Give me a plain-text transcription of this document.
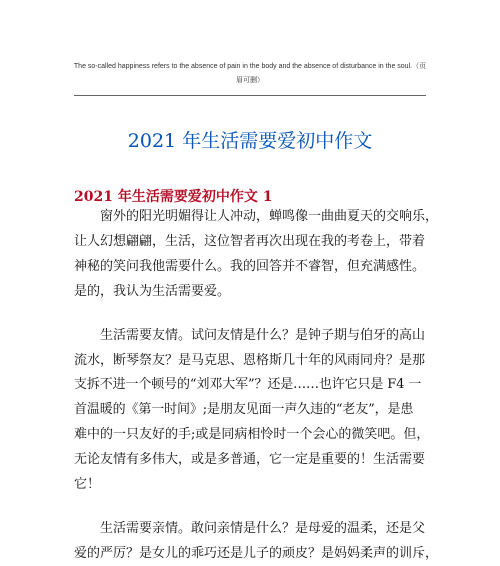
The so-called happiness refers to the absence of pain in the body and the absence of disturbance in the soul.（页
眉可删）
2021 年生活需要爱初中作文
2021 年生活需要爱初中作文 1

窗外的阳光明媚得让人冲动，蝉鸣像一曲曲夏天的交响乐，
让人幻想翩翩，生活，这位智者再次出现在我的考卷上，带着
神秘的笑问我他需要什么。我的回答并不睿智，但充满感性。
是的，我认为生活需要爱。

生活需要友情。试问友情是什么？是钟子期与伯牙的高山
流水，断琴祭友？是马克思、恩格斯几十年的风雨同舟？是那
支拆不进一个顿号的“刘邓大军”？还是……也许它只是 F4 一
首温暖的《第一时间》;是朋友见面一声久违的“老友”，是患
难中的一只友好的手;或是同病相怜时一个会心的微笑吧。但，
无论友情有多伟大，或是多普通，它一定是重要的！生活需要
它！

生活需要亲情。敢问亲情是什么？是母爱的温柔，还是父
爱的严厉？是女儿的乖巧还是儿子的顽皮？是妈妈柔声的训斥，
